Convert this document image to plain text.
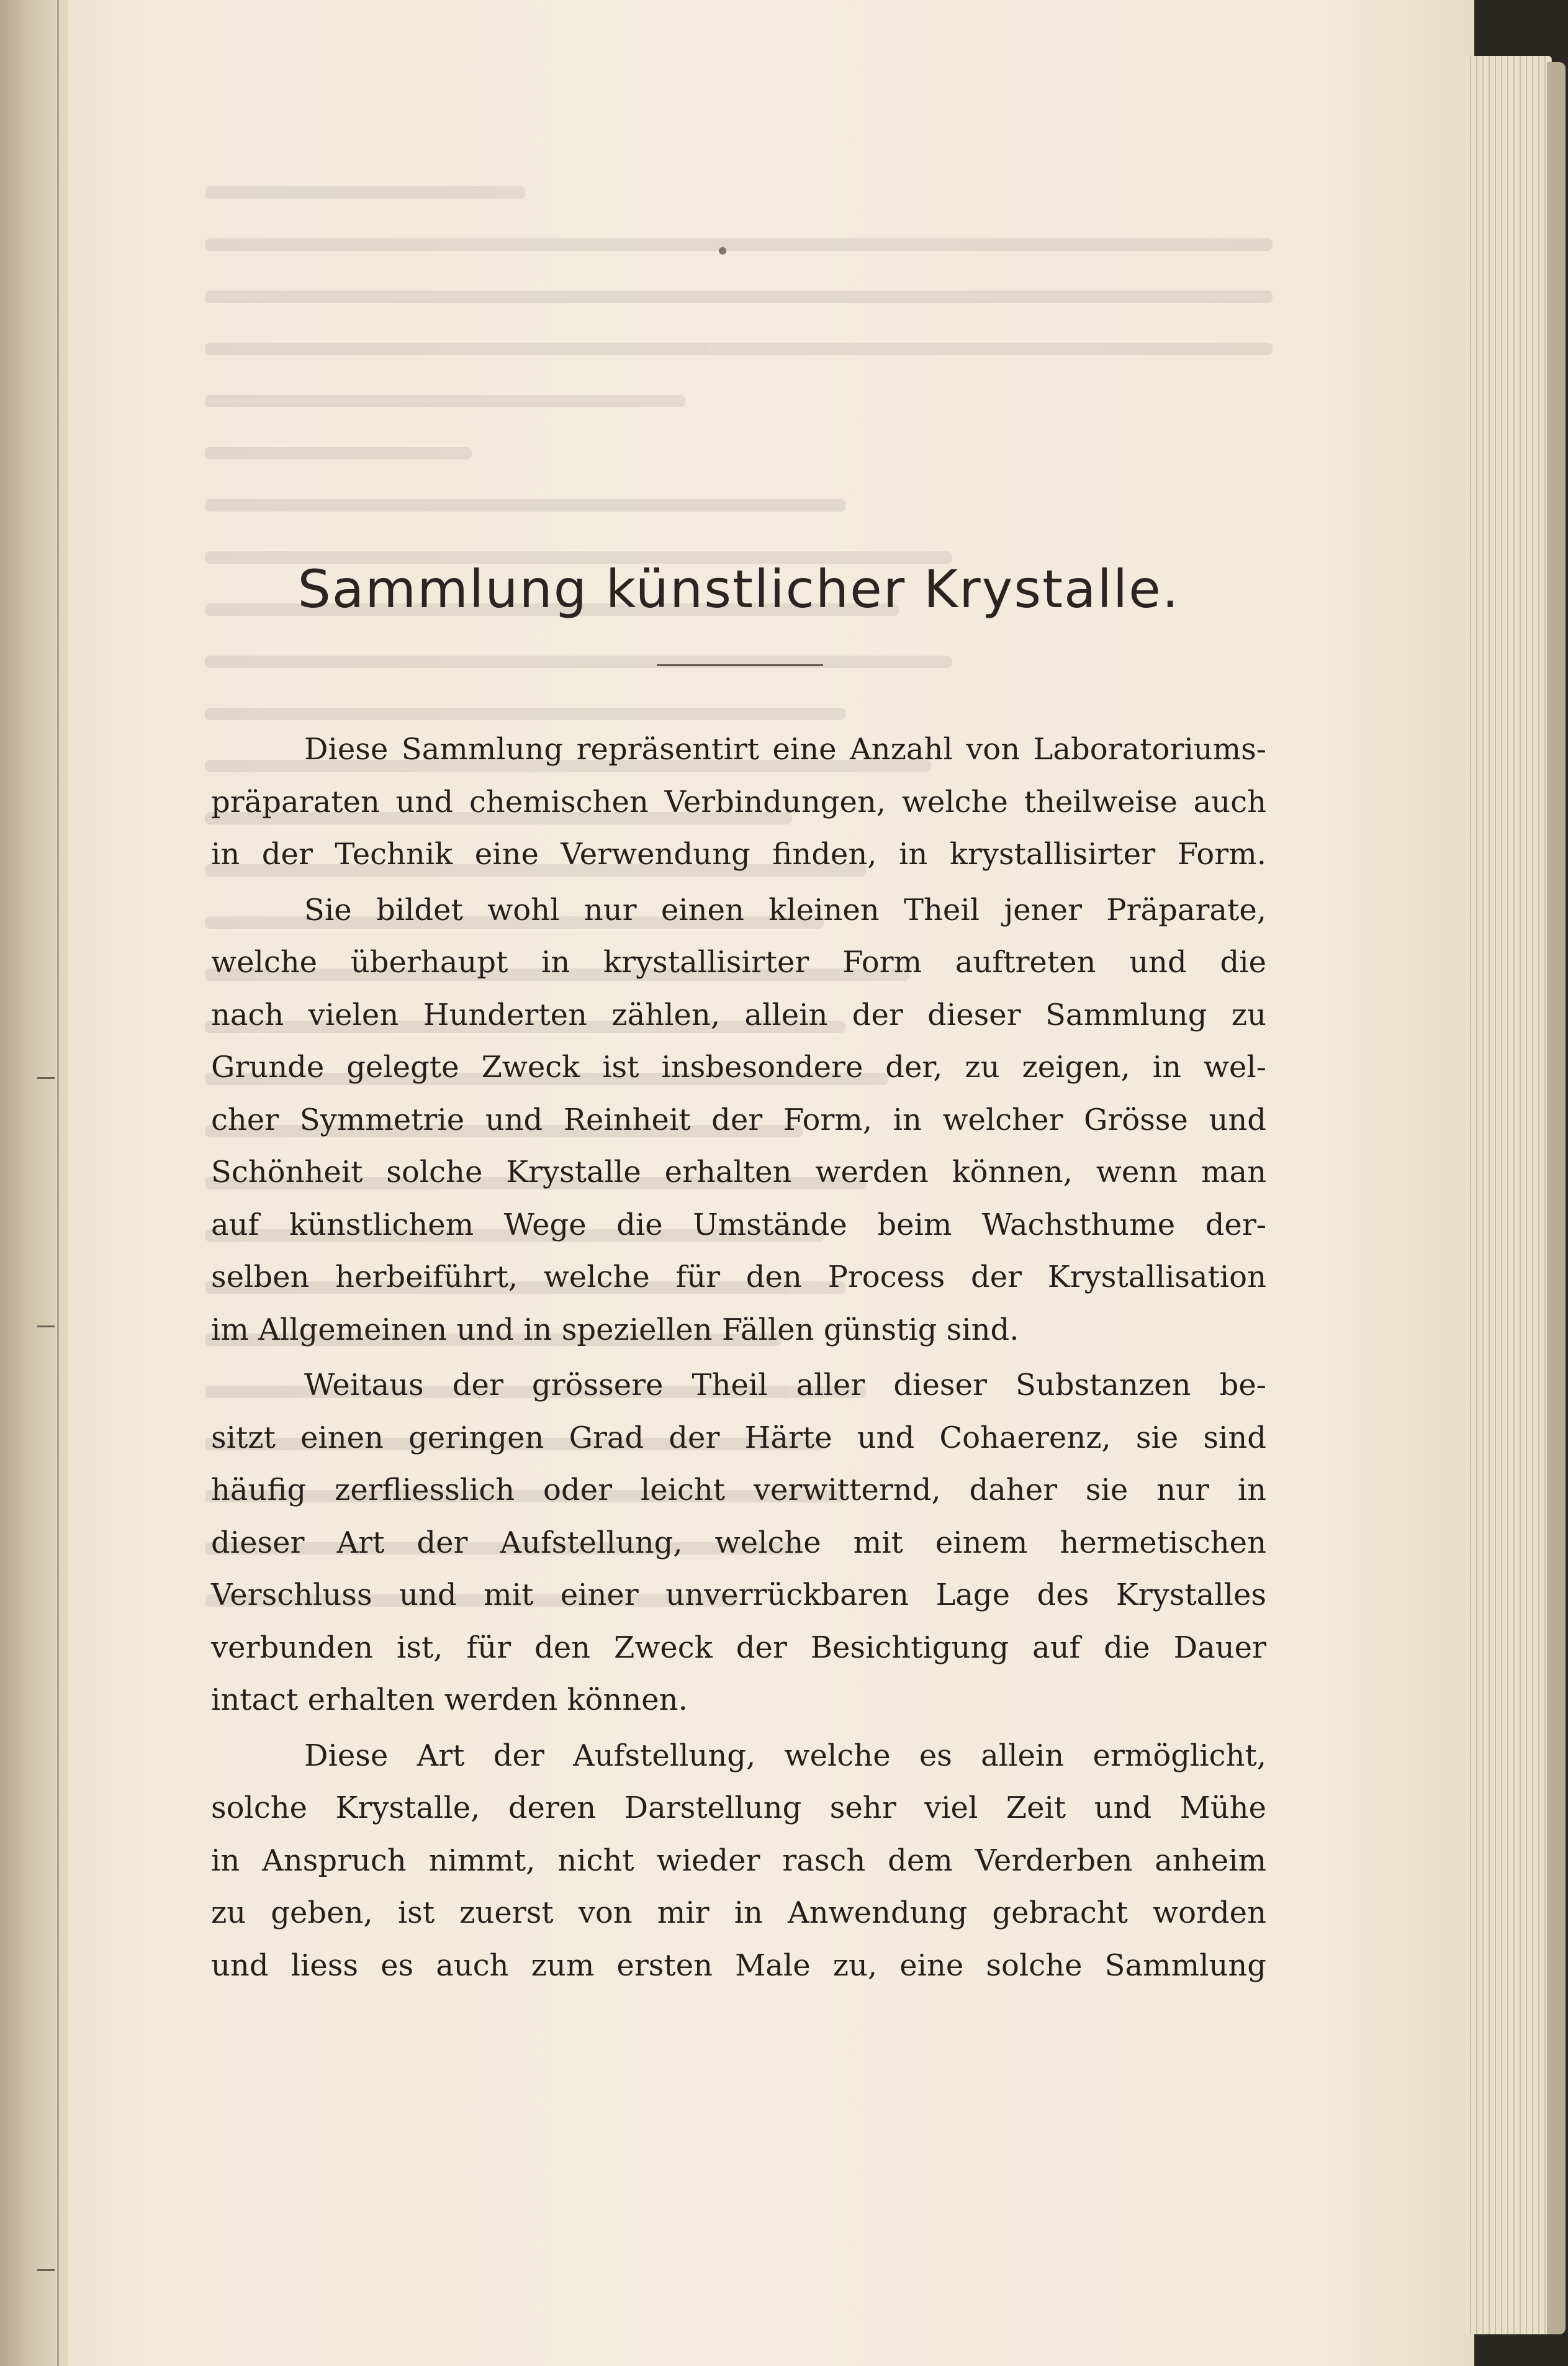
Sammlung künstlicher Krystalle.
Diese Sammlung repräsentirt eine Anzahl von Laboratoriums-
präparaten und chemischen Verbindungen, welche theilweise auch
in der Technik eine Verwendung finden, in krystallisirter Form.
Sie bildet wohl nur einen kleinen Theil jener Präparate,
welche überhaupt in krystallisirter Form auftreten und die
nach vielen Hunderten zählen, allein der dieser Sammlung zu
Grunde gelegte Zweck ist insbesondere der, zu zeigen, in wel-
cher Symmetrie und Reinheit der Form, in welcher Grösse und
Schönheit solche Krystalle erhalten werden können, wenn man
auf künstlichem Wege die Umstände beim Wachsthume der-
selben herbeiführt, welche für den Process der Krystallisation
im Allgemeinen und in speziellen Fällen günstig sind.
Weitaus der grössere Theil aller dieser Substanzen be-
sitzt einen geringen Grad der Härte und Cohaerenz, sie sind
häufig zerfliesslich oder leicht verwitternd, daher sie nur in
dieser Art der Aufstellung, welche mit einem hermetischen
Verschluss und mit einer unverrückbaren Lage des Krystalles
verbunden ist, für den Zweck der Besichtigung auf die Dauer
intact erhalten werden können.
Diese Art der Aufstellung, welche es allein ermöglicht,
solche Krystalle, deren Darstellung sehr viel Zeit und Mühe
in Anspruch nimmt, nicht wieder rasch dem Verderben anheim
zu geben, ist zuerst von mir in Anwendung gebracht worden
und liess es auch zum ersten Male zu, eine solche Sammlung
